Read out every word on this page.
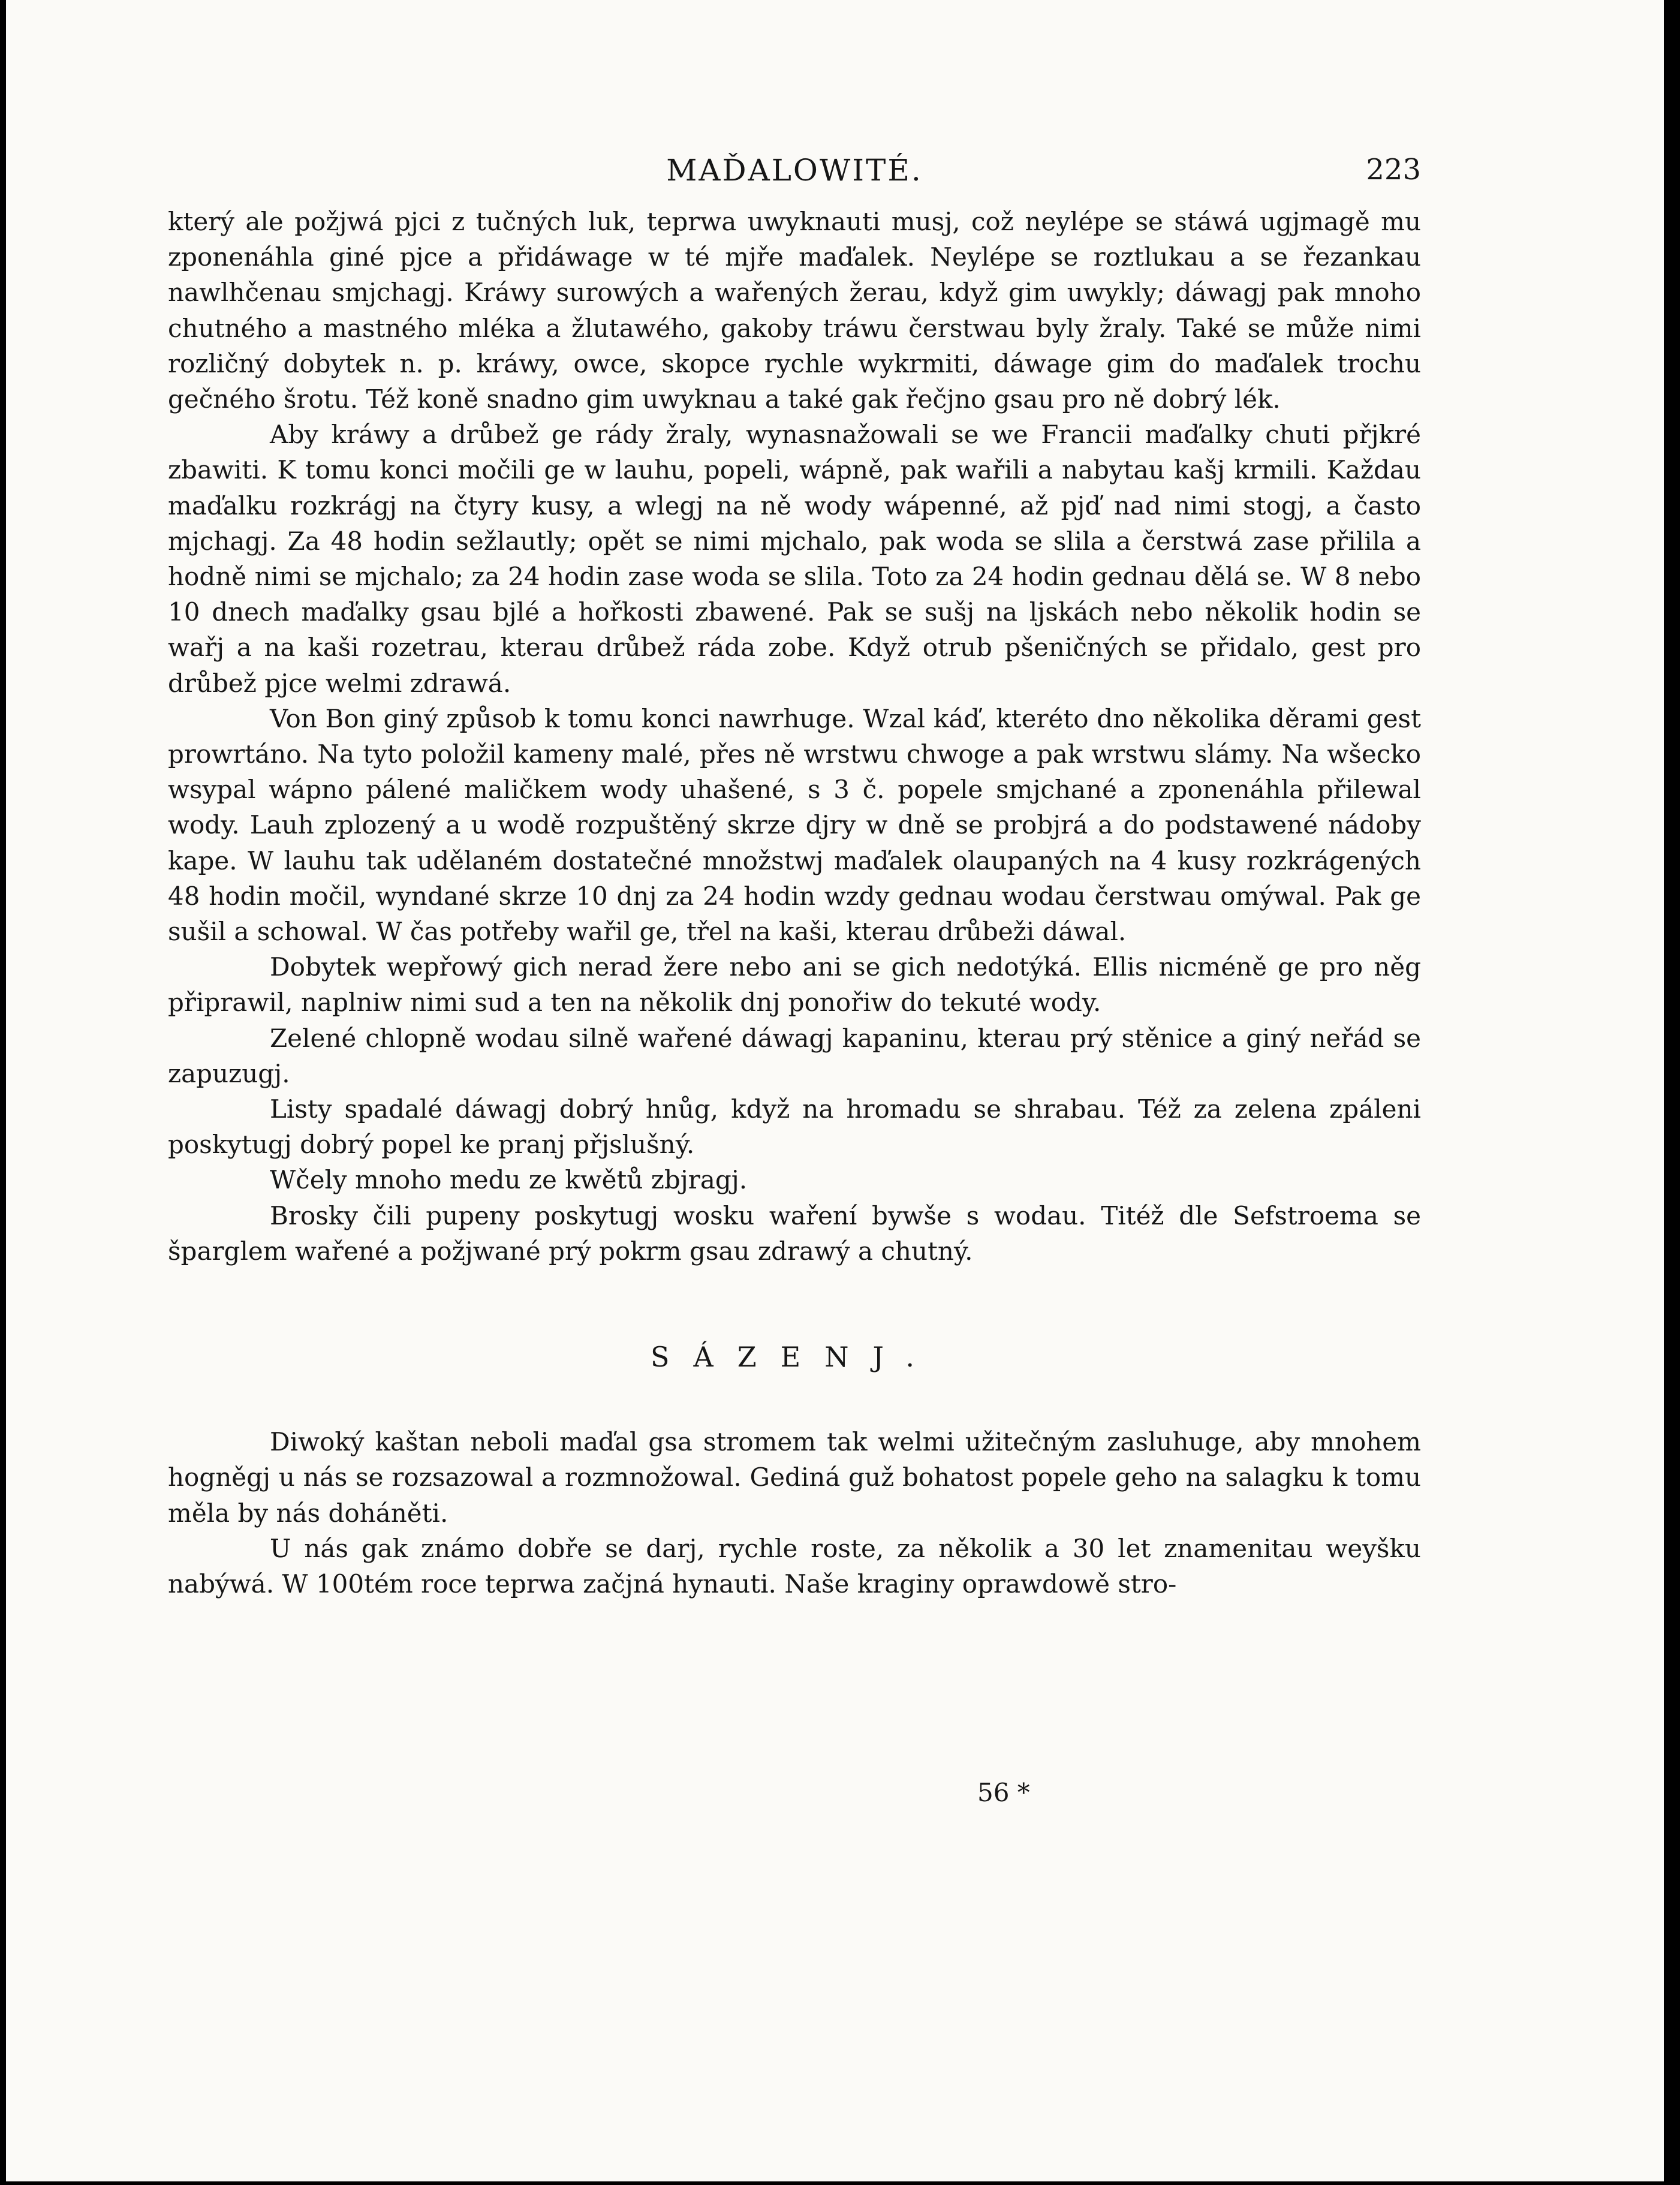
MAĎALOWITÉ.	223

který ale požjwá pjci z tučných luk, teprwa uwyknauti musj, což neylépe se stáwá ugjmagě mu zponenáhla giné pjce a přidáwage w té mjře maďalek. Neylépe se roztlukau a se řezankau nawlhčenau smjchagj. Kráwy surowých a wařených žerau, když gim uwykly; dáwagj pak mnoho chutného a mastného mléka a žlutawého, gakoby tráwu čerstwau byly žraly. Také se může nimi rozličný dobytek n. p. kráwy, owce, skopce rychle wykrmiti, dáwage gim do maďalek trochu gečného šrotu. Též koně snadno gim uwyknau a také gak řečjno gsau pro ně dobrý lék.

Aby kráwy a drůbež ge rády žraly, wynasnažowali se we Francii maďalky chuti přjkré zbawiti. K tomu konci močili ge w lauhu, popeli, wápně, pak wařili a nabytau kašj krmili. Každau maďalku rozkrágj na čtyry kusy, a wlegj na ně wody wápenné, až pjď nad nimi stogj, a často mjchagj. Za 48 hodin sežlautly; opět se nimi mjchalo, pak woda se slila a čerstwá zase přilila a hodně nimi se mjchalo; za 24 hodin zase woda se slila. Toto za 24 hodin gednau dělá se. W 8 nebo 10 dnech maďalky gsau bjlé a hořkosti zbawené. Pak se sušj na ljskách nebo několik hodin se wařj a na kaši rozetrau, kterau drůbež ráda zobe. Když otrub pšeničných se přidalo, gest pro drůbež pjce welmi zdrawá.

Von Bon giný způsob k tomu konci nawrhuge. Wzal káď, kteréto dno několika děrami gest prowrtáno. Na tyto položil kameny malé, přes ně wrstwu chwoge a pak wrstwu slámy. Na wšecko wsypal wápno pálené maličkem wody uhašené, s 3 č. popele smjchané a zponenáhla přilewal wody. Lauh zplozený a u wodě rozpuštěný skrze djry w dně se probjrá a do podstawené nádoby kape. W lauhu tak udělaném dostatečné množstwj maďalek olaupaných na 4 kusy rozkrágených 48 hodin močil, wyndané skrze 10 dnj za 24 hodin wzdy gednau wodau čerstwau omýwal. Pak ge sušil a schowal. W čas potřeby wařil ge, třel na kaši, kterau drůbeži dáwal.

Dobytek wepřowý gich nerad žere nebo ani se gich nedotýká. Ellis nicméně ge pro něg připrawil, naplniw nimi sud a ten na několik dnj ponořiw do tekuté wody.

Zelené chlopně wodau silně wařené dáwagj kapaninu, kterau prý stěnice a giný neřád se zapuzugj.

Listy spadalé dáwagj dobrý hnůg, když na hromadu se shrabau. Též za zelena zpáleni poskytugj dobrý popel ke pranj přjslušný.

Wčely mnoho medu ze kwětů zbjragj.

Brosky čili pupeny poskytugj wosku waření bywše s wodau. Titéž dle Sefstroema se šparglem wařené a požjwané prý pokrm gsau zdrawý a chutný.

SÁZENJ.

Diwoký kaštan neboli maďal gsa stromem tak welmi užitečným zasluhuge, aby mnohem hogněgj u nás se rozsazowal a rozmnožowal. Gediná guž bohatost popele geho na salagku k tomu měla by nás doháněti.

U nás gak známo dobře se darj, rychle roste, za několik a 30 let znamenitau weyšku nabýwá. W 100tém roce teprwa začjná hynauti. Naše kraginy oprawdowě stro-

56 *
